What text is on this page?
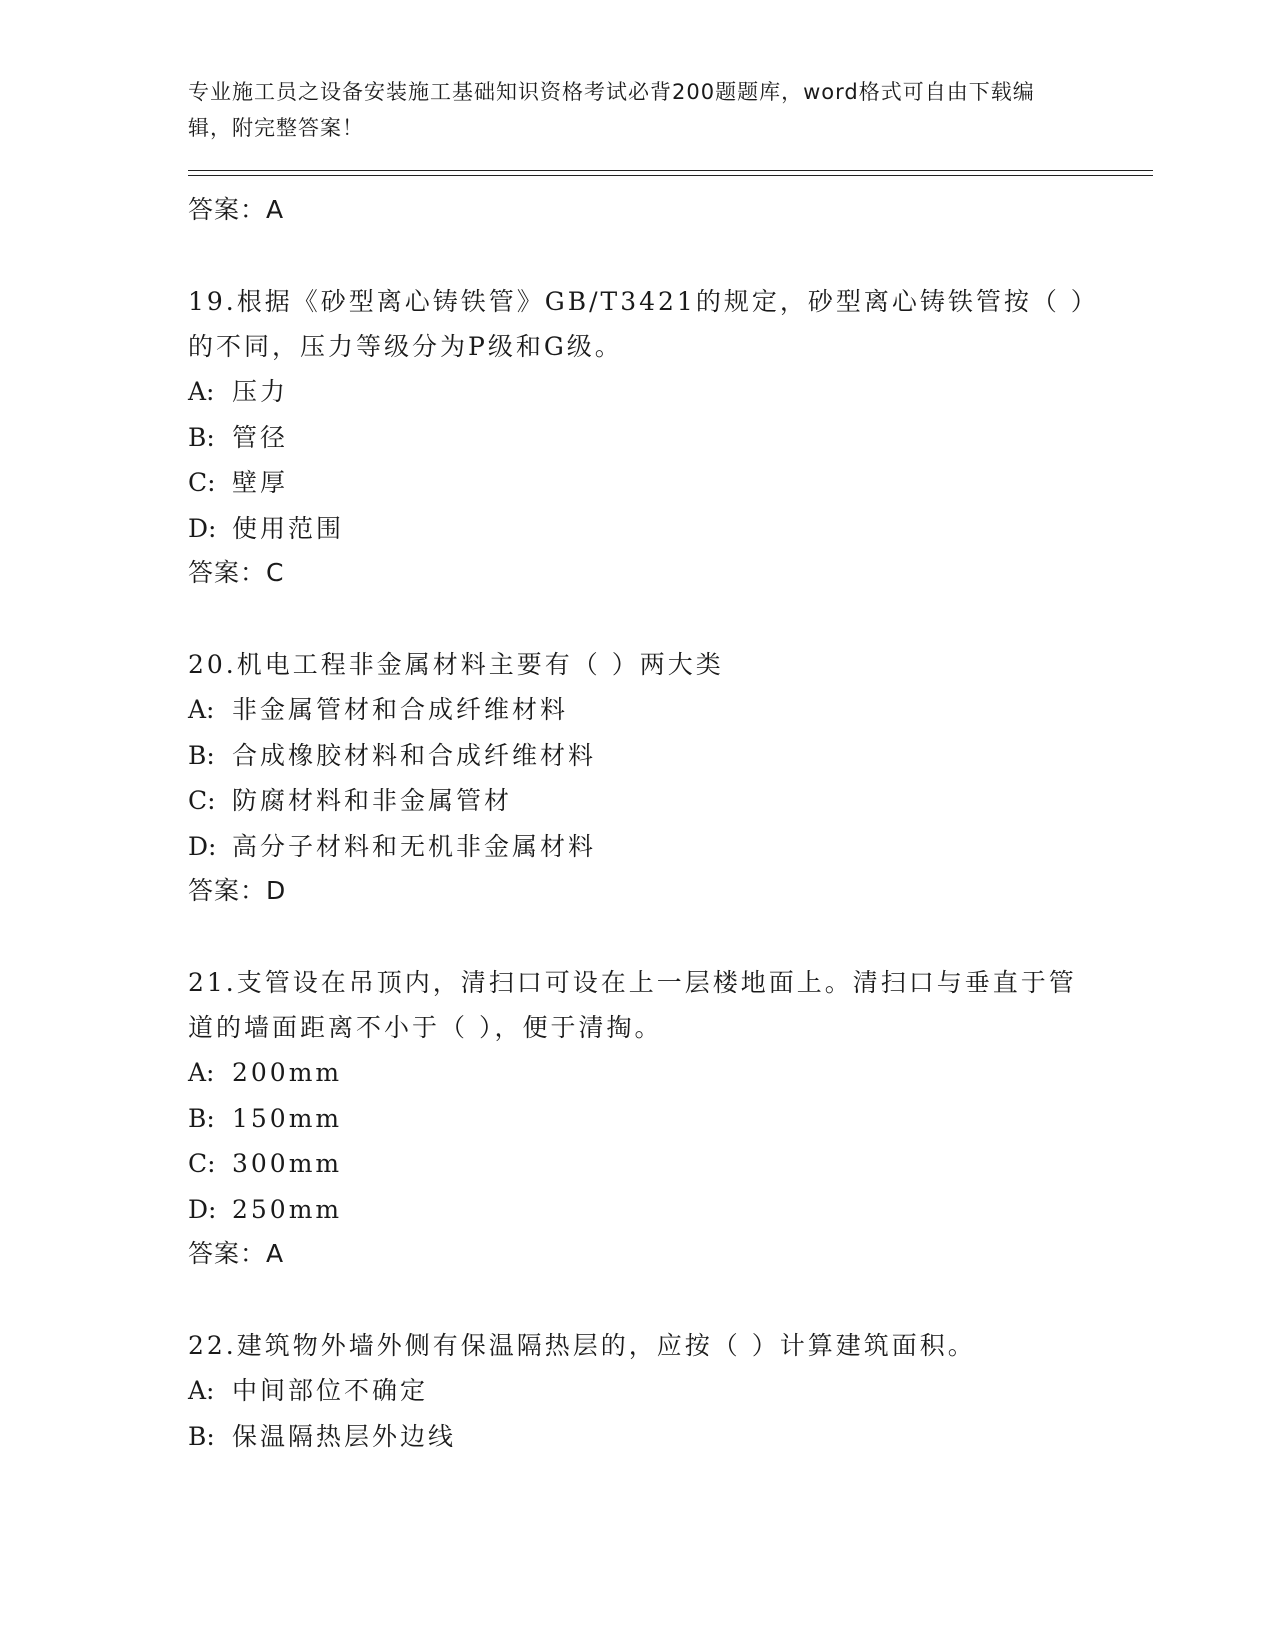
专业施工员之设备安装施工基础知识资格考试必背200题题库，word格式可自由下载编辑，附完整答案！
答案：A
19.根据《砂型离心铸铁管》GB/T3421的规定，砂型离心铸铁管按（ ）的不同，压力等级分为P级和G级。
A: 压力
B: 管径
C: 壁厚
D: 使用范围
答案：C
20.机电工程非金属材料主要有（ ）两大类
A: 非金属管材和合成纤维材料
B: 合成橡胶材料和合成纤维材料
C: 防腐材料和非金属管材
D: 高分子材料和无机非金属材料
答案：D
21.支管设在吊顶内，清扫口可设在上一层楼地面上。清扫口与垂直于管道的墙面距离不小于（ ），便于清掏。
A: 200mm
B: 150mm
C: 300mm
D: 250mm
答案：A
22.建筑物外墙外侧有保温隔热层的，应按（ ）计算建筑面积。
A: 中间部位不确定
B: 保温隔热层外边线
